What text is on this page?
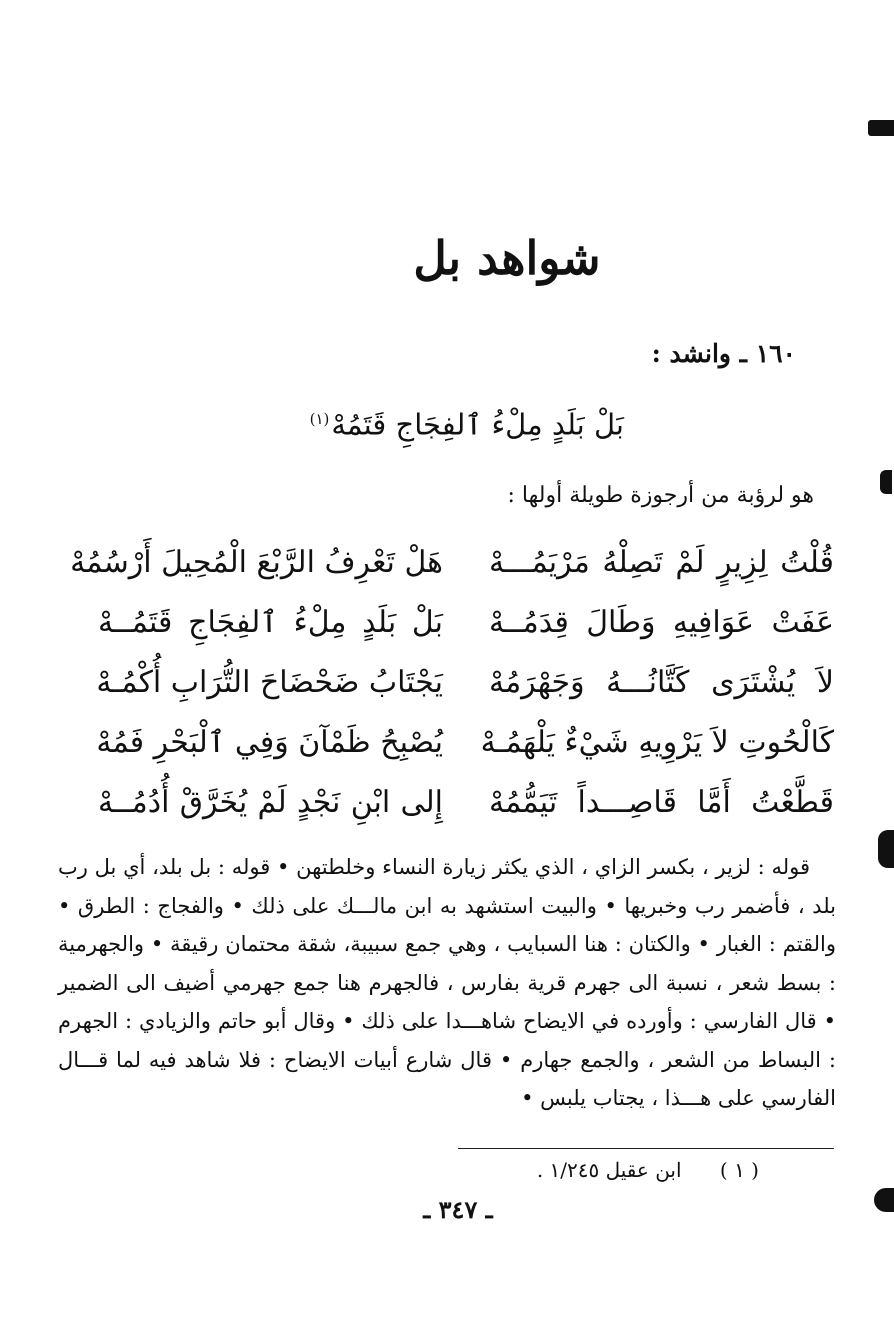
شواهد بل
١٦٠ ـ وانشد :
بَلْ بَلَدٍ مِلْءُ ٱلفِجَاجِ قَتَمُهْ$^{(١)}$
هو لرؤبة من أرجوزة طويلة أولها :
قُلْتُ لِزِيرٍ لَمْ تَصِلْهُ مَرْيَمُـــهْ
هَلْ تَعْرِفُ الرَّبْعَ الْمُحِيلَ أَرْسُمُهْ
عَفَتْ عَوَافِيهِ وَطَالَ قِدَمُــهْ
بَلْ بَلَدٍ مِلْءُ ٱلفِجَاجِ قَتَمُــهْ
لاَ يُشْتَرَى كَتَّانُـــهُ وَجَهْرَمُهْ
يَجْتَابُ ضَحْضَاحَ التُّرَابِ أُكْمُـهْ
كَالْحُوتِ لاَ يَرْوِيهِ شَيْءٌ يَلْهَمُـهْ
يُصْبِحُ ظَمْآنَ وَفِي ٱلْبَحْرِ فَمُهْ
قَطَّعْتُ أَمَّا قَاصِـــداً تَيَمُّمُهْ
إِلى ابْنِ نَجْدٍ لَمْ يُخَرَّقْ أُدُمُــهْ

قوله : لزير ، بكسر الزاي ، الذي يكثر زيارة النساء وخلطتهن • قوله : بل بلد، أي بل رب بلد ، فأضمر رب وخبريها • والبيت استشهد به ابن مالـــك على ذلك • والفجاج : الطرق • والقتم : الغبار • والكتان : هنا السبايب ، وهي جمع سبيبة، شقة محتمان رقيقة • والجهرمية : بسط شعر ، نسبة الى جهرم قرية بفارس ، فالجهرم هنا جمع جهرمي أضيف الى الضمير • قال الفارسي : وأورده في الايضاح شاهـــدا على ذلك • وقال أبو حاتم والزيادي : الجهرم : البساط من الشعر ، والجمع جهارم • قال شارع أبيات الايضاح : فلا شاهد فيه لما قـــال الفارسي على هـــذا ، يجتاب يلبس •

( ١ ) ابن عقيل ١/٢٤٥ .
ـ ٣٤٧ ـ
